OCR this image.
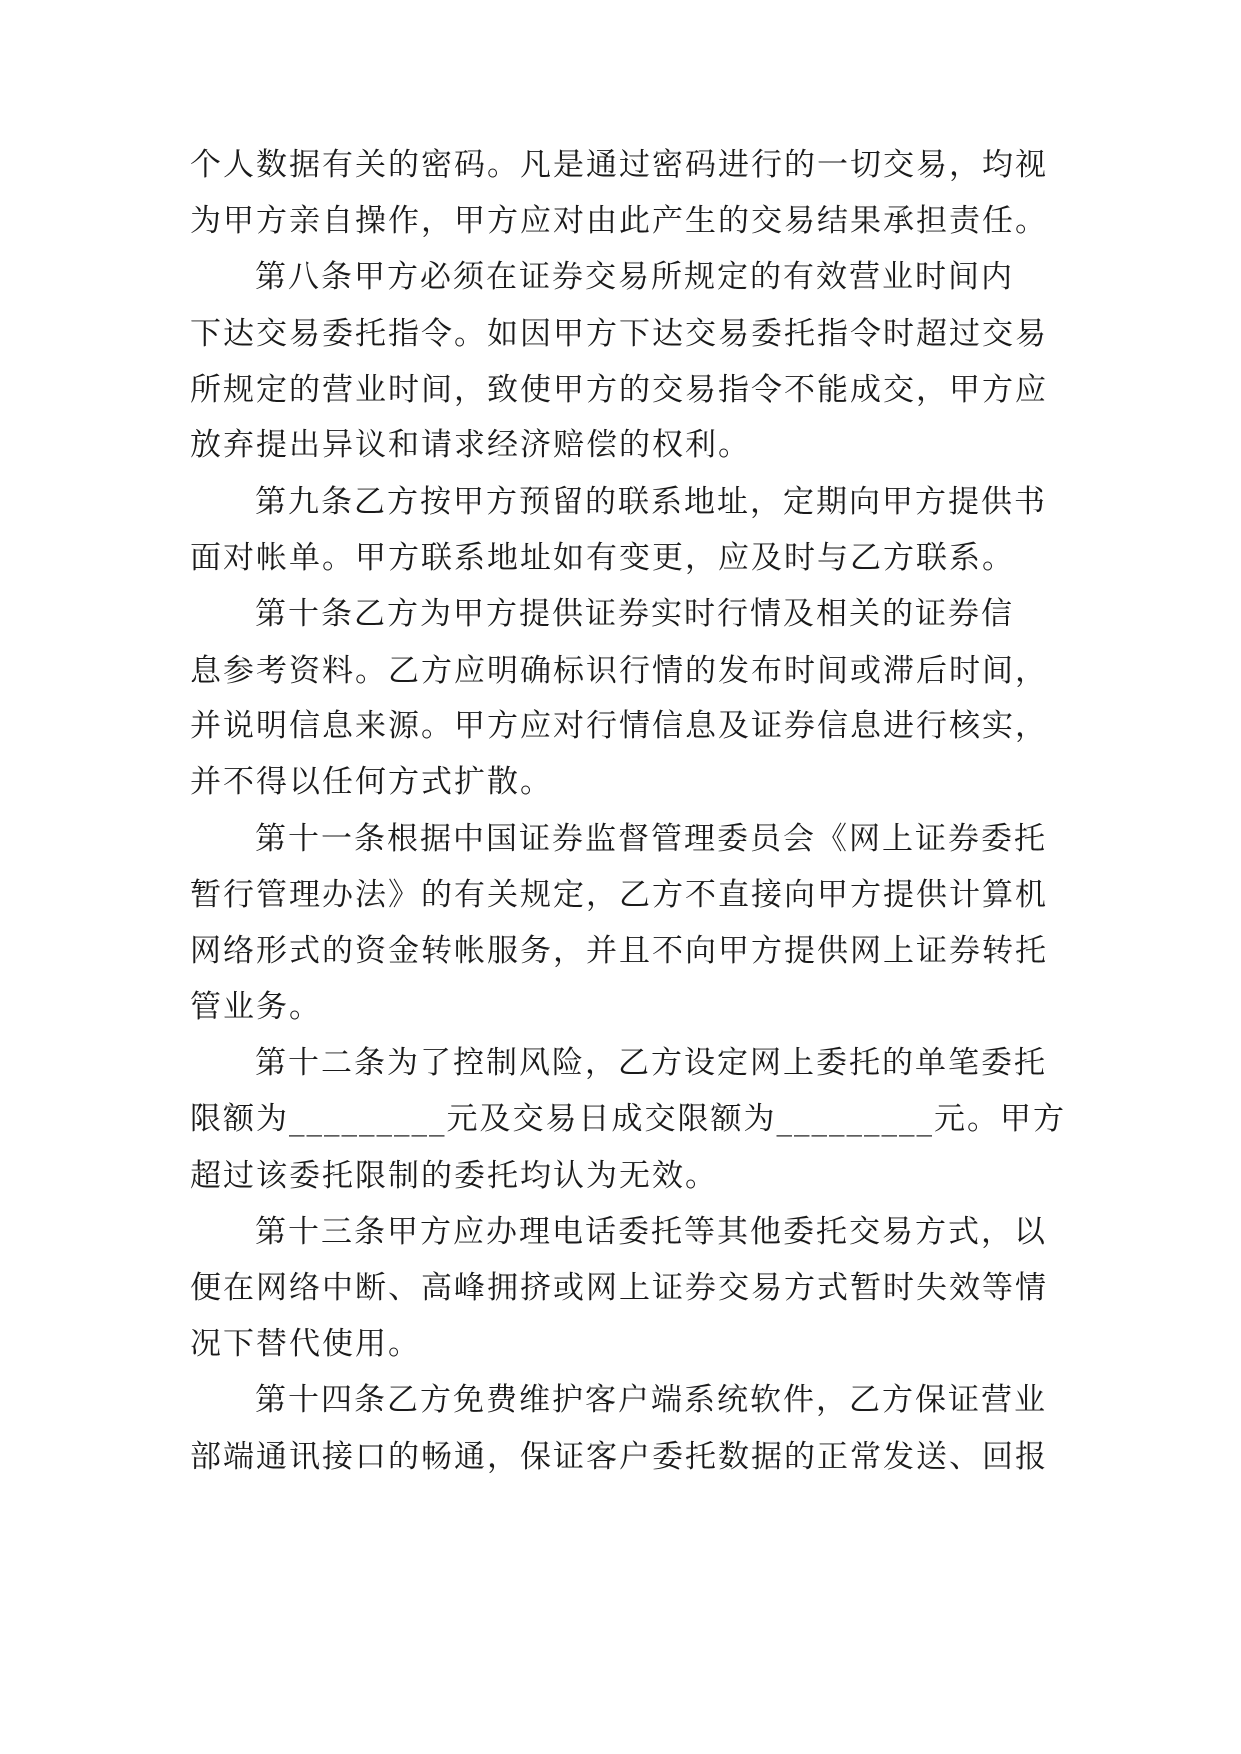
个人数据有关的密码。凡是通过密码进行的一切交易，均视
为甲方亲自操作，甲方应对由此产生的交易结果承担责任。
第八条甲方必须在证券交易所规定的有效营业时间内
下达交易委托指令。如因甲方下达交易委托指令时超过交易
所规定的营业时间，致使甲方的交易指令不能成交，甲方应
放弃提出异议和请求经济赔偿的权利。
第九条乙方按甲方预留的联系地址，定期向甲方提供书
面对帐单。甲方联系地址如有变更，应及时与乙方联系。
第十条乙方为甲方提供证券实时行情及相关的证券信
息参考资料。乙方应明确标识行情的发布时间或滞后时间，
并说明信息来源。甲方应对行情信息及证券信息进行核实，
并不得以任何方式扩散。
第十一条根据中国证券监督管理委员会《网上证券委托
暂行管理办法》的有关规定，乙方不直接向甲方提供计算机
网络形式的资金转帐服务，并且不向甲方提供网上证券转托
管业务。
第十二条为了控制风险，乙方设定网上委托的单笔委托
限额为_________元及交易日成交限额为_________元。甲方
超过该委托限制的委托均认为无效。
第十三条甲方应办理电话委托等其他委托交易方式，以
便在网络中断、高峰拥挤或网上证券交易方式暂时失效等情
况下替代使用。
第十四条乙方免费维护客户端系统软件，乙方保证营业
部端通讯接口的畅通，保证客户委托数据的正常发送、回报
